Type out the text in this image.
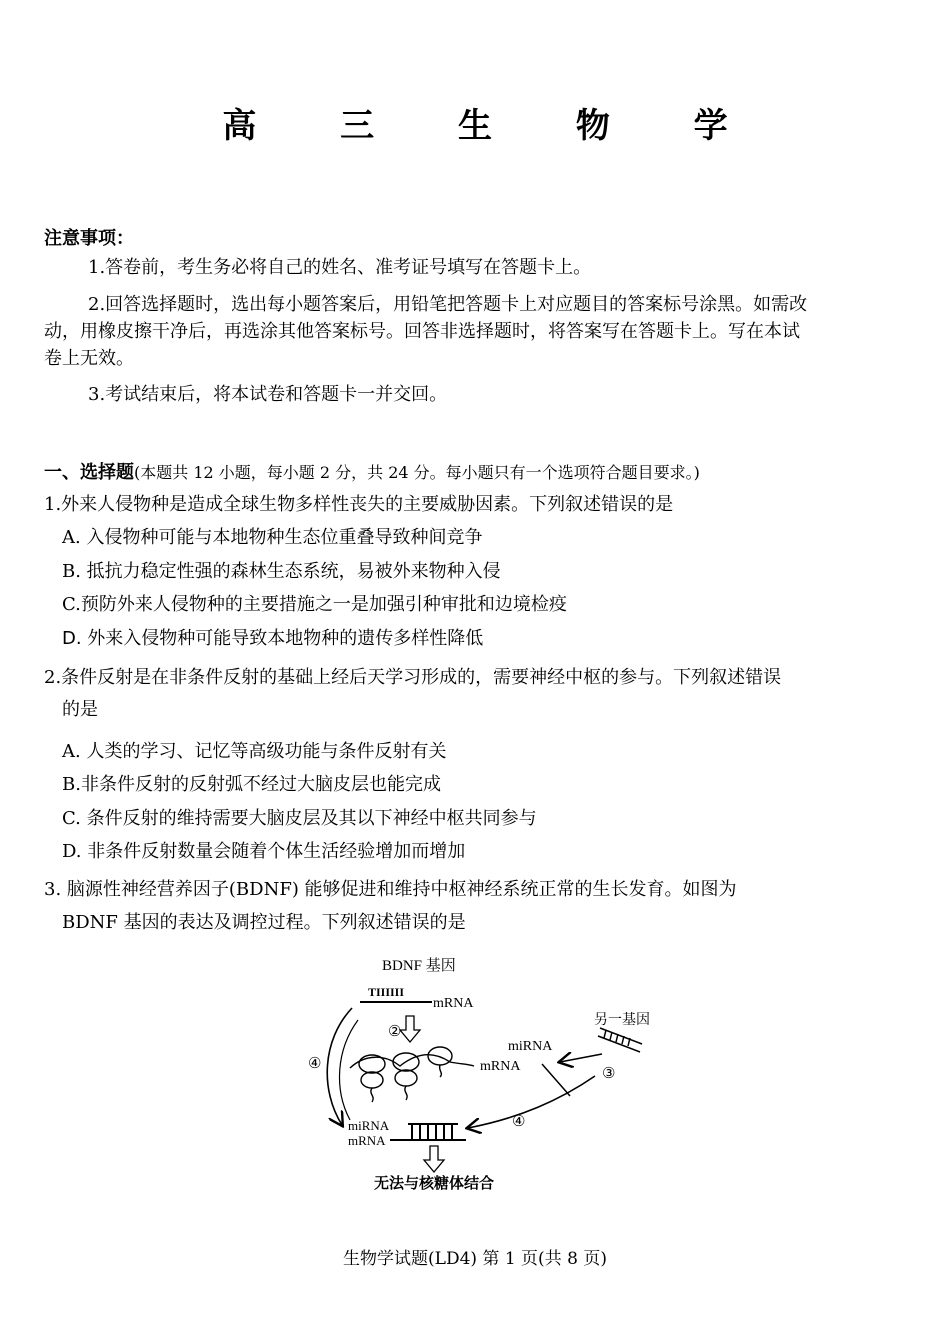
高 三 生 物 学
注意事项：
1.答卷前，考生务必将自己的姓名、准考证号填写在答题卡上。
2.回答选择题时，选出每小题答案后，用铅笔把答题卡上对应题目的答案标号涂黑。如需改
动，用橡皮擦干净后，再选涂其他答案标号。回答非选择题时，将答案写在答题卡上。写在本试
卷上无效。
3.考试结束后，将本试卷和答题卡一并交回。
一、选择题(本题共 12 小题，每小题 2 分，共 24 分。每小题只有一个选项符合题目要求。)
1.外来人侵物种是造成全球生物多样性丧失的主要威胁因素。下列叙述错误的是
A. 入侵物种可能与本地物种生态位重叠导致种间竞争
B. 抵抗力稳定性强的森林生态系统，易被外来物种入侵
C.预防外来人侵物种的主要措施之一是加强引种审批和边境检疫
D. 外来入侵物种可能导致本地物种的遗传多样性降低
2.条件反射是在非条件反射的基础上经后天学习形成的，需要神经中枢的参与。下列叙述错误
的是
A. 人类的学习、记忆等高级功能与条件反射有关
B.非条件反射的反射弧不经过大脑皮层也能完成
C. 条件反射的维持需要大脑皮层及其以下神经中枢共同参与
D. 非条件反射数量会随着个体生活经验增加而增加
3. 脑源性神经营养因子(BDNF) 能够促进和维持中枢神经系统正常的生长发育。如图为
BDNF 基因的表达及调控过程。下列叙述错误的是
BDNF 基因
TIIIIII
mRNA
②
④	mRNA
miRNA
另一基因
③
④
miRNA
mRNA
无法与核糖体结合
生物学试题(LD4) 第 1 页(共 8 页)
